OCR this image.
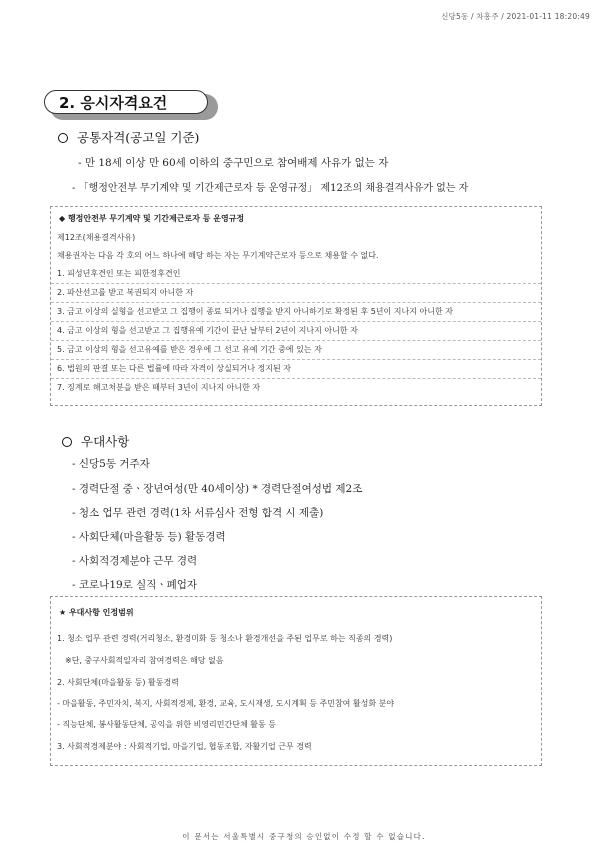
신당5동 / 차흥주 / 2021-01-11 18:20:49
2. 응시자격요건
공통자격(공고일 기준)
- 만 18세 이상 만 60세 이하의 중구민으로 참여배제 사유가 없는 자
- 「행정안전부 무기계약 및 기간제근로자 등 운영규정」 제12조의 채용결격사유가 없는 자
◆ 행정안전부 무기계약 및 기간제근로자 등 운영규정
제12조(채용결격사유)
채용권자는 다음 각 호의 어느 하나에 해당 하는 자는 무기계약근로자 등으로 채용할 수 없다.
1. 피성년후견인 또는 피한정후견인
2. 파산선고를 받고 복권되지 아니한 자
3. 금고 이상의 실형을 선고받고 그 집행이 종료 되거나 집행을 받지 아니하기로 확정된 후 5년이 지나지 아니한 자
4. 금고 이상의 형을 선고받고 그 집행유예 기간이 끝난 날부터 2년이 지나지 아니한 자
5. 금고 이상의 형을 선고유예를 받은 경우에 그 선고 유예 기간 중에 있는 자
6. 법원의 판결 또는 다른 법률에 따라 자격이 상실되거나 정지된 자
7. 징계로 해고처분을 받은 때부터 3년이 지나지 아니한 자
우대사항
- 신당5동 거주자
- 경력단절 중ㆍ장년여성(만 40세이상) * 경력단절여성법 제2조
- 청소 업무 관련 경력(1차 서류심사 전형 합격 시 제출)
- 사회단체(마을활동 등) 활동경력
- 사회적경제분야 근무 경력
- 코로나19로 실직ㆍ폐업자
★ 우대사항 인정범위
1. 청소 업무 관련 경력(거리청소, 환경미화 등 청소나 환경개선을 주된 업무로 하는 직종의 경력)
※단, 중구사회적일자리 참여경력은 해당 없음
2. 사회단체(마을활동 등) 활동경력
- 마을활동, 주민자치, 복지, 사회적경제, 환경, 교육, 도시재생, 도시계획 등 주민참여 활성화 분야
- 직능단체, 봉사활동단체, 공익을 위한 비영리민간단체 활동 등
3. 사회적경제분야 : 사회적기업, 마을기업, 협동조합, 자활기업 근무 경력
이 문서는 서울특별시 중구청의 승인없이 수정 할 수 없습니다.
